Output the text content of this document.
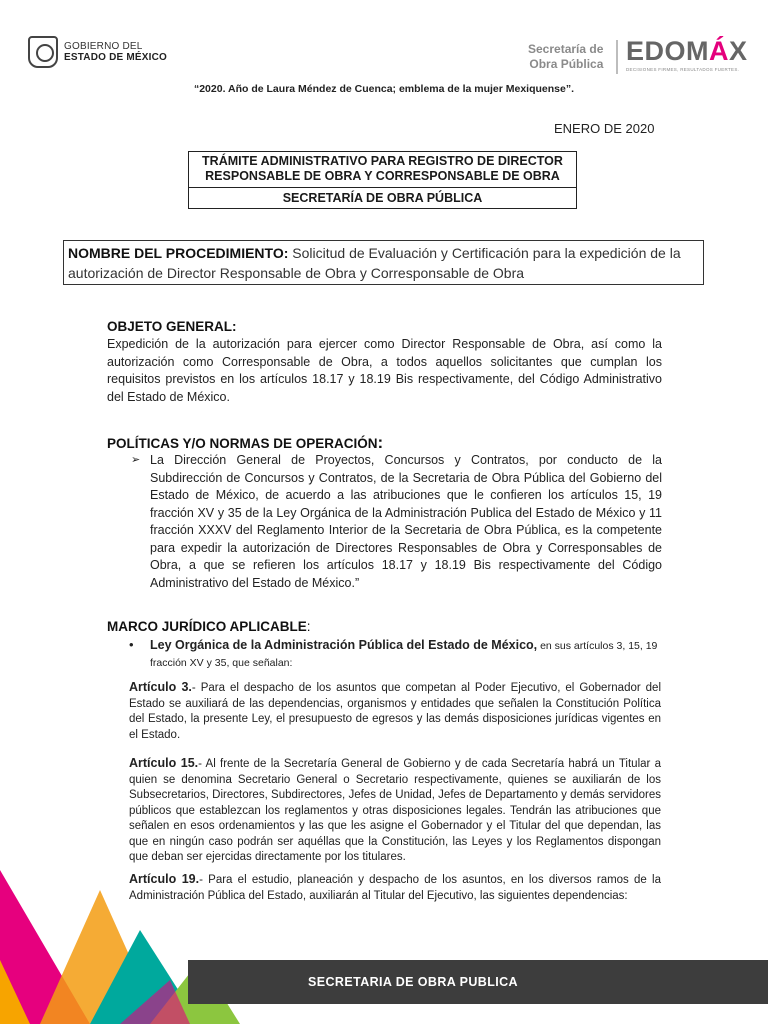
GOBIERNO DEL
ESTADO DE MÉXICO
Secretaría de
Obra Pública EDOMÁX
DECISIONES FIRMES, RESULTADOS FUERTES.
“2020. Año de Laura Méndez de Cuenca; emblema de la mujer Mexiquense”.
ENERO DE 2020
TRÁMITE ADMINISTRATIVO PARA REGISTRO DE DIRECTOR RESPONSABLE DE OBRA Y CORRESPONSABLE DE OBRA
SECRETARÍA DE OBRA PÚBLICA
NOMBRE DEL PROCEDIMIENTO: Solicitud de Evaluación y Certificación para la expedición de la autorización de Director Responsable de Obra y Corresponsable de Obra
OBJETO GENERAL:
Expedición de la autorización para ejercer como Director Responsable de Obra, así como la autorización como Corresponsable de Obra, a todos aquellos solicitantes que cumplan los requisitos previstos en los artículos 18.17 y 18.19 Bis respectivamente, del Código Administrativo del Estado de México.
POLÍTICAS Y/O NORMAS DE OPERACIÓN:
➢ La Dirección General de Proyectos, Concursos y Contratos, por conducto de la Subdirección de Concursos y Contratos, de la Secretaria de Obra Pública del Gobierno del Estado de México, de acuerdo a las atribuciones que le confieren los artículos 15, 19 fracción XV y 35 de la Ley Orgánica de la Administración Publica del Estado de México y 11 fracción XXXV del Reglamento Interior de la Secretaria de Obra Pública, es la competente para expedir la autorización de Directores Responsables de Obra y Corresponsables de Obra, a que se refieren los artículos 18.17 y 18.19 Bis respectivamente del Código Administrativo del Estado de México.”
MARCO JURÍDICO APLICABLE:
• Ley Orgánica de la Administración Pública del Estado de México, en sus artículos 3, 15, 19 fracción XV y 35, que señalan:
Artículo 3.- Para el despacho de los asuntos que competan al Poder Ejecutivo, el Gobernador del Estado se auxiliará de las dependencias, organismos y entidades que señalen la Constitución Política del Estado, la presente Ley, el presupuesto de egresos y las demás disposiciones jurídicas vigentes en el Estado.
Artículo 15.- Al frente de la Secretaría General de Gobierno y de cada Secretaría habrá un Titular a quien se denomina Secretario General o Secretario respectivamente, quienes se auxiliarán de los Subsecretarios, Directores, Subdirectores, Jefes de Unidad, Jefes de Departamento y demás servidores públicos que establezcan los reglamentos y otras disposiciones legales. Tendrán las atribuciones que señalen en esos ordenamientos y las que les asigne el Gobernador y el Titular del que dependan, las que en ningún caso podrán ser aquéllas que la Constitución, las Leyes y los Reglamentos dispongan que deban ser ejercidas directamente por los titulares.
Artículo 19.- Para el estudio, planeación y despacho de los asuntos, en los diversos ramos de la Administración Pública del Estado, auxiliarán al Titular del Ejecutivo, las siguientes dependencias:
SECRETARIA DE OBRA PUBLICA
